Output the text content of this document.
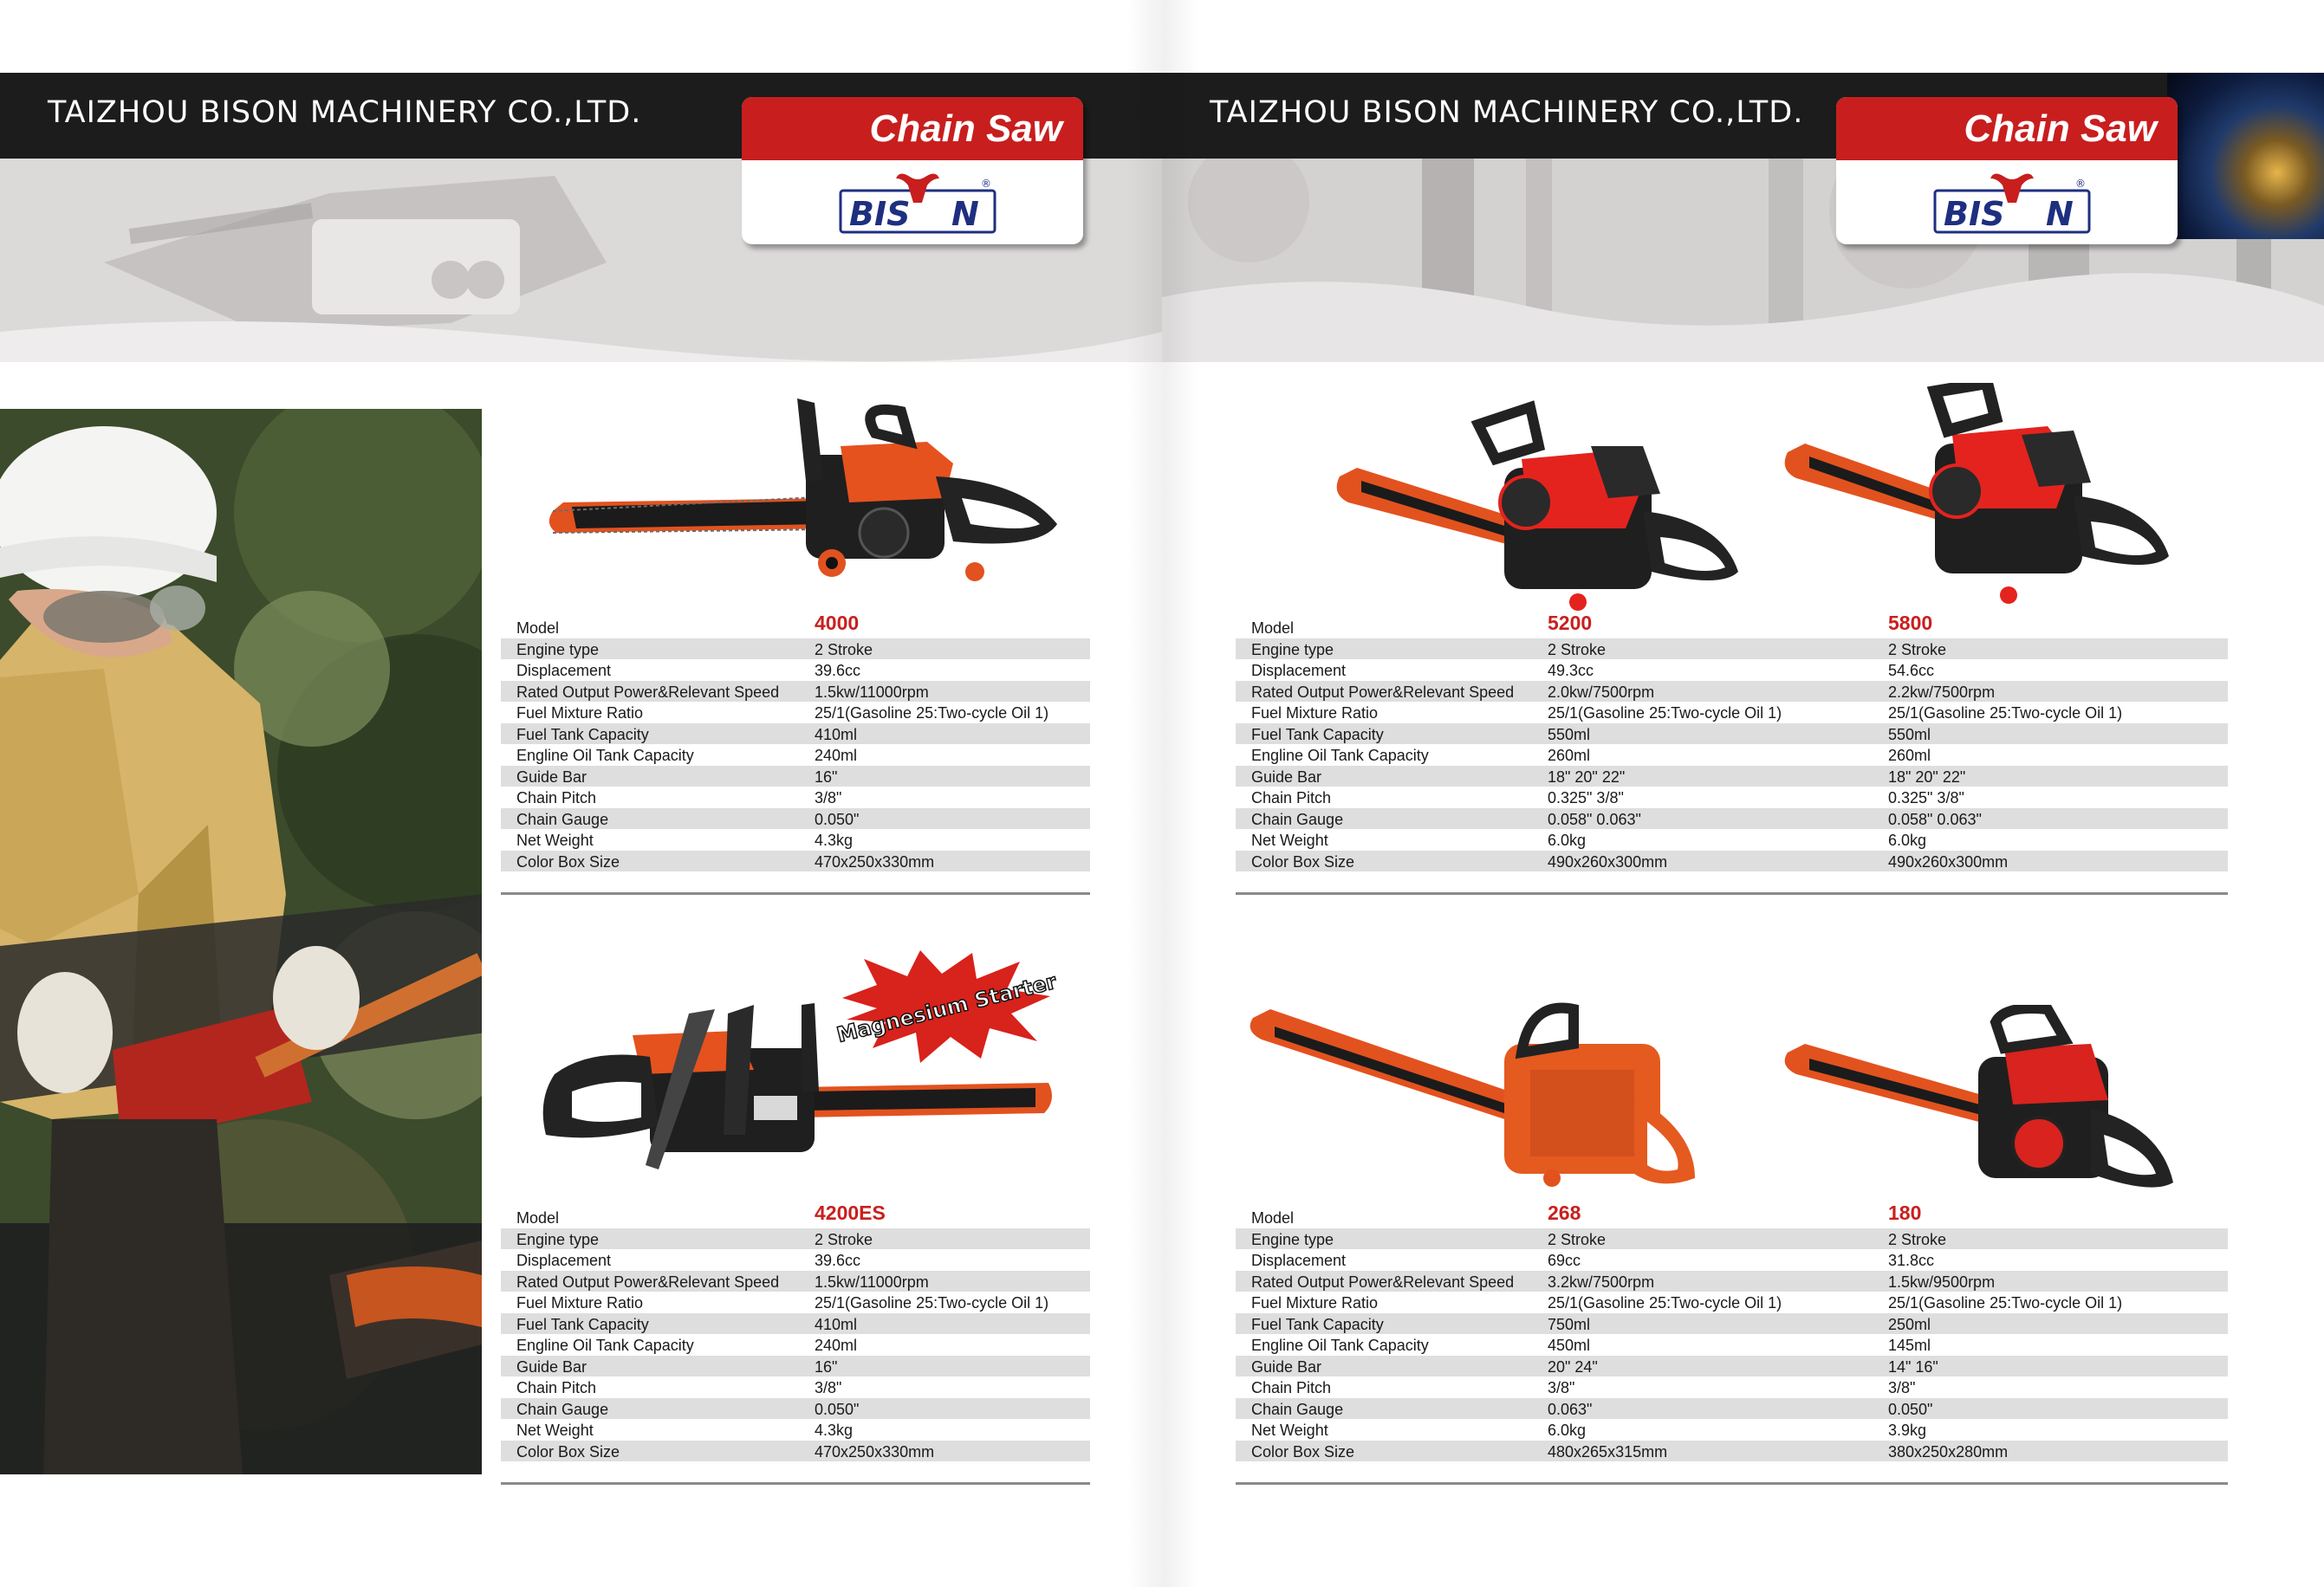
TAIZHOU BISON MACHINERY CO.,LTD.	Chain Saw
BIS N
®
Model	4000
Engine type	2 Stroke
Displacement	39.6cc
Rated Output Power&Relevant Speed 1.5kw/11000rpm
Fuel Mixture Ratio	25/1(Gasoline 25:Two-cycle Oil 1)
Fuel Tank Capacity	410ml
Engline Oil Tank Capacity	240ml
Guide Bar	16"
Chain Pitch	3/8"
Chain Gauge	0.050"
Net Weight	4.3kg
Color Box Size	470x250x330mm
Magnesium Starter
Model	4200ES
Engine type	2 Stroke
Displacement	39.6cc
Rated Output Power&Relevant Speed 1.5kw/11000rpm
Fuel Mixture Ratio	25/1(Gasoline 25:Two-cycle Oil 1)
Fuel Tank Capacity	410ml
Engline Oil Tank Capacity	240ml
Guide Bar	16"
Chain Pitch	3/8"
Chain Gauge	0.050"
Net Weight	4.3kg
Color Box Size	470x250x330mm
TAIZHOU BISON MACHINERY CO.,LTD.	Chain Saw
BIS N
®
Model	5200	5800
Engine type	2 Stroke	2 Stroke
Displacement	49.3cc	54.6cc
Rated Output Power&Relevant Speed 2.0kw/7500rpm	2.2kw/7500rpm
Fuel Mixture Ratio	25/1(Gasoline 25:Two-cycle Oil 1)	25/1(Gasoline 25:Two-cycle Oil 1)
Fuel Tank Capacity	550ml	550ml
Engline Oil Tank Capacity	260ml	260ml
Guide Bar	18" 20" 22"	18" 20" 22"
Chain Pitch	0.325" 3/8"	0.325" 3/8"
Chain Gauge	0.058" 0.063"	0.058" 0.063"
Net Weight	6.0kg	6.0kg
Color Box Size	490x260x300mm	490x260x300mm
Model	268	180
Engine type	2 Stroke	2 Stroke
Displacement	69cc	31.8cc
Rated Output Power&Relevant Speed 3.2kw/7500rpm	1.5kw/9500rpm
Fuel Mixture Ratio	25/1(Gasoline 25:Two-cycle Oil 1)	25/1(Gasoline 25:Two-cycle Oil 1)
Fuel Tank Capacity	750ml	250ml
Engline Oil Tank Capacity	450ml	145ml
Guide Bar	20" 24"	14" 16"
Chain Pitch	3/8"	3/8"
Chain Gauge	0.063"	0.050"
Net Weight	6.0kg	3.9kg
Color Box Size	480x265x315mm	380x250x280mm
